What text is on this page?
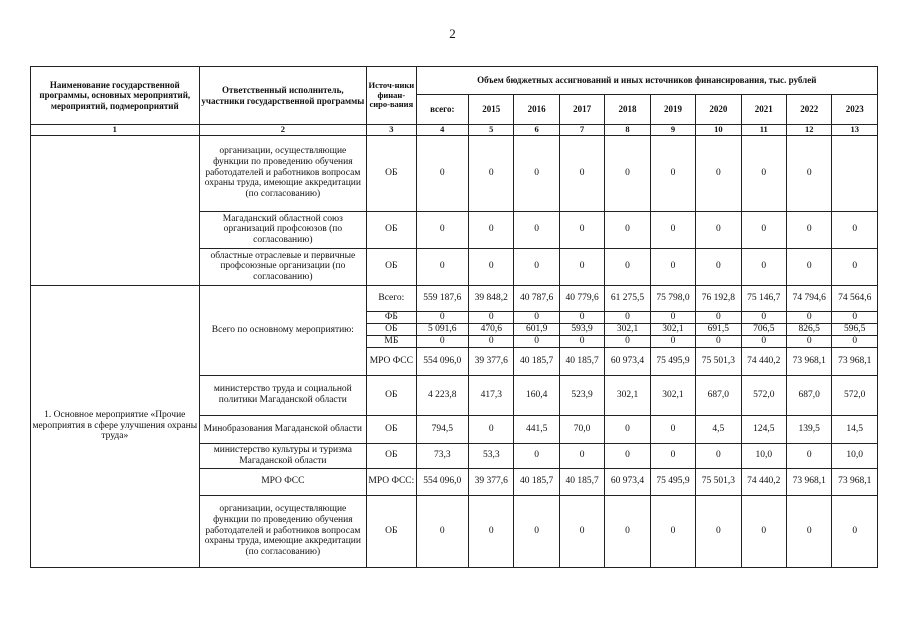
2
Наименование государственной программы, основных мероприятий, мероприятий, подмероприятий	Ответственный исполнитель, участники государственной программы	Источ-ники финан-сиро-вания	Объем бюджетных ассигнований и иных источников финансирования, тыс. рублей									
			всего:	2015	2016	2017	2018	2019	2020	2021	2022	2023
1	2	3	4	5	6	7	8	9	10	11	12	13
	организации, осуществляющие функции по проведению обучения работодателей и работников вопросам охраны труда, имеющие аккредитации (по согласованию)	ОБ	0	0	0	0	0	0	0	0	0	
	Магаданский областной союз организаций профсоюзов (по согласованию)	ОБ	0	0	0	0	0	0	0	0	0	0
	областные отраслевые и первичные профсоюзные организации (по согласованию)	ОБ	0	0	0	0	0	0	0	0	0	0
1. Основное мероприятие «Прочие мероприятия в сфере улучшения охраны труда»	Всего по основному мероприятию:	Всего:	559 187,6	39 848,2	40 787,6	40 779,6	61 275,5	75 798,0	76 192,8	75 146,7	74 794,6	74 564,6
		ФБ	0	0	0	0	0	0	0	0	0	0
		ОБ	5 091,6	470,6	601,9	593,9	302,1	302,1	691,5	706,5	826,5	596,5
		МБ	0	0	0	0	0	0	0	0	0	0
		МРО ФСС	554 096,0	39 377,6	40 185,7	40 185,7	60 973,4	75 495,9	75 501,3	74 440,2	73 968,1	73 968,1
	министерство труда и социальной политики Магаданской области	ОБ	4 223,8	417,3	160,4	523,9	302,1	302,1	687,0	572,0	687,0	572,0
	Минобразования Магаданской области	ОБ	794,5	0	441,5	70,0	0	0	4,5	124,5	139,5	14,5
	министерство культуры и туризма Магаданской области	ОБ	73,3	53,3	0	0	0	0	0	10,0	0	10,0
	МРО ФСС	МРО ФСС:	554 096,0	39 377,6	40 185,7	40 185,7	60 973,4	75 495,9	75 501,3	74 440,2	73 968,1	73 968,1
	организации, осуществляющие функции по проведению обучения работодателей и работников вопросам охраны труда, имеющие аккредитации (по согласованию)	ОБ	0	0	0	0	0	0	0	0	0	0
